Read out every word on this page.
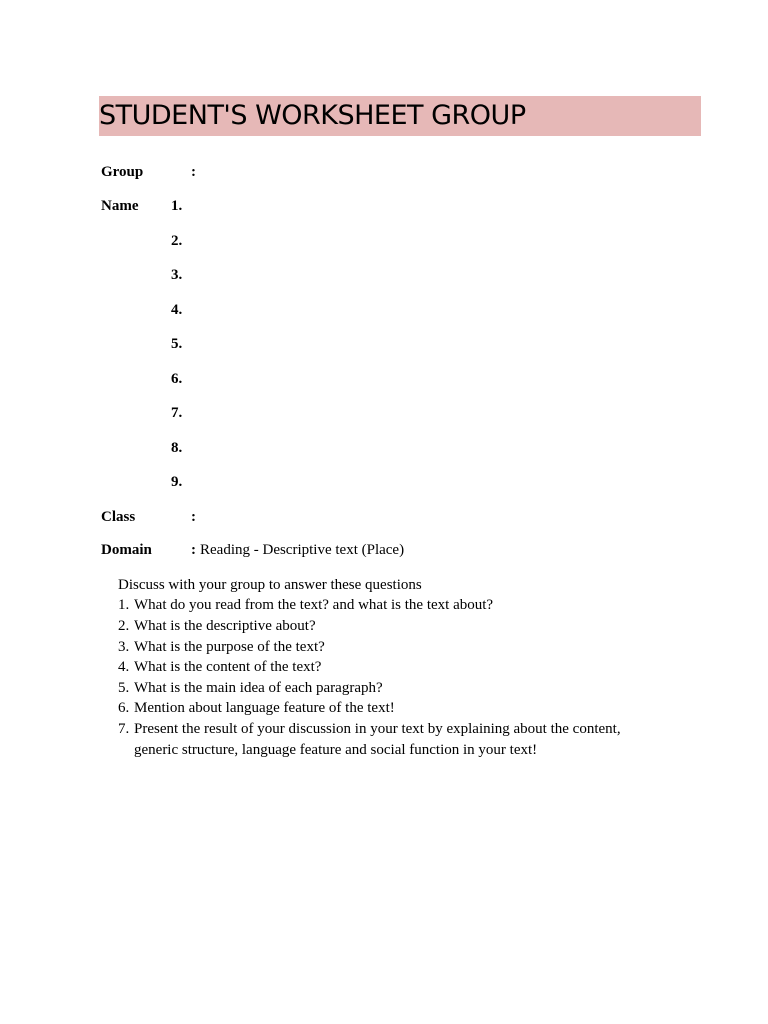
STUDENT'S WORKSHEET GROUP
Group	:
Name 1.
2.
3.
4.
5.
6.
7.
8.
9.
Class	:
Domain	: Reading - Descriptive text (Place)
Discuss with your group to answer these questions
1. What do you read from the text? and what is the text about?
2. What is the descriptive about?
3. What is the purpose of the text?
4. What is the content of the text?
5. What is the main idea of each paragraph?
6. Mention about language feature of the text!
7. Present the result of your discussion in your text by explaining about the content,
generic structure, language feature and social function in your text!
